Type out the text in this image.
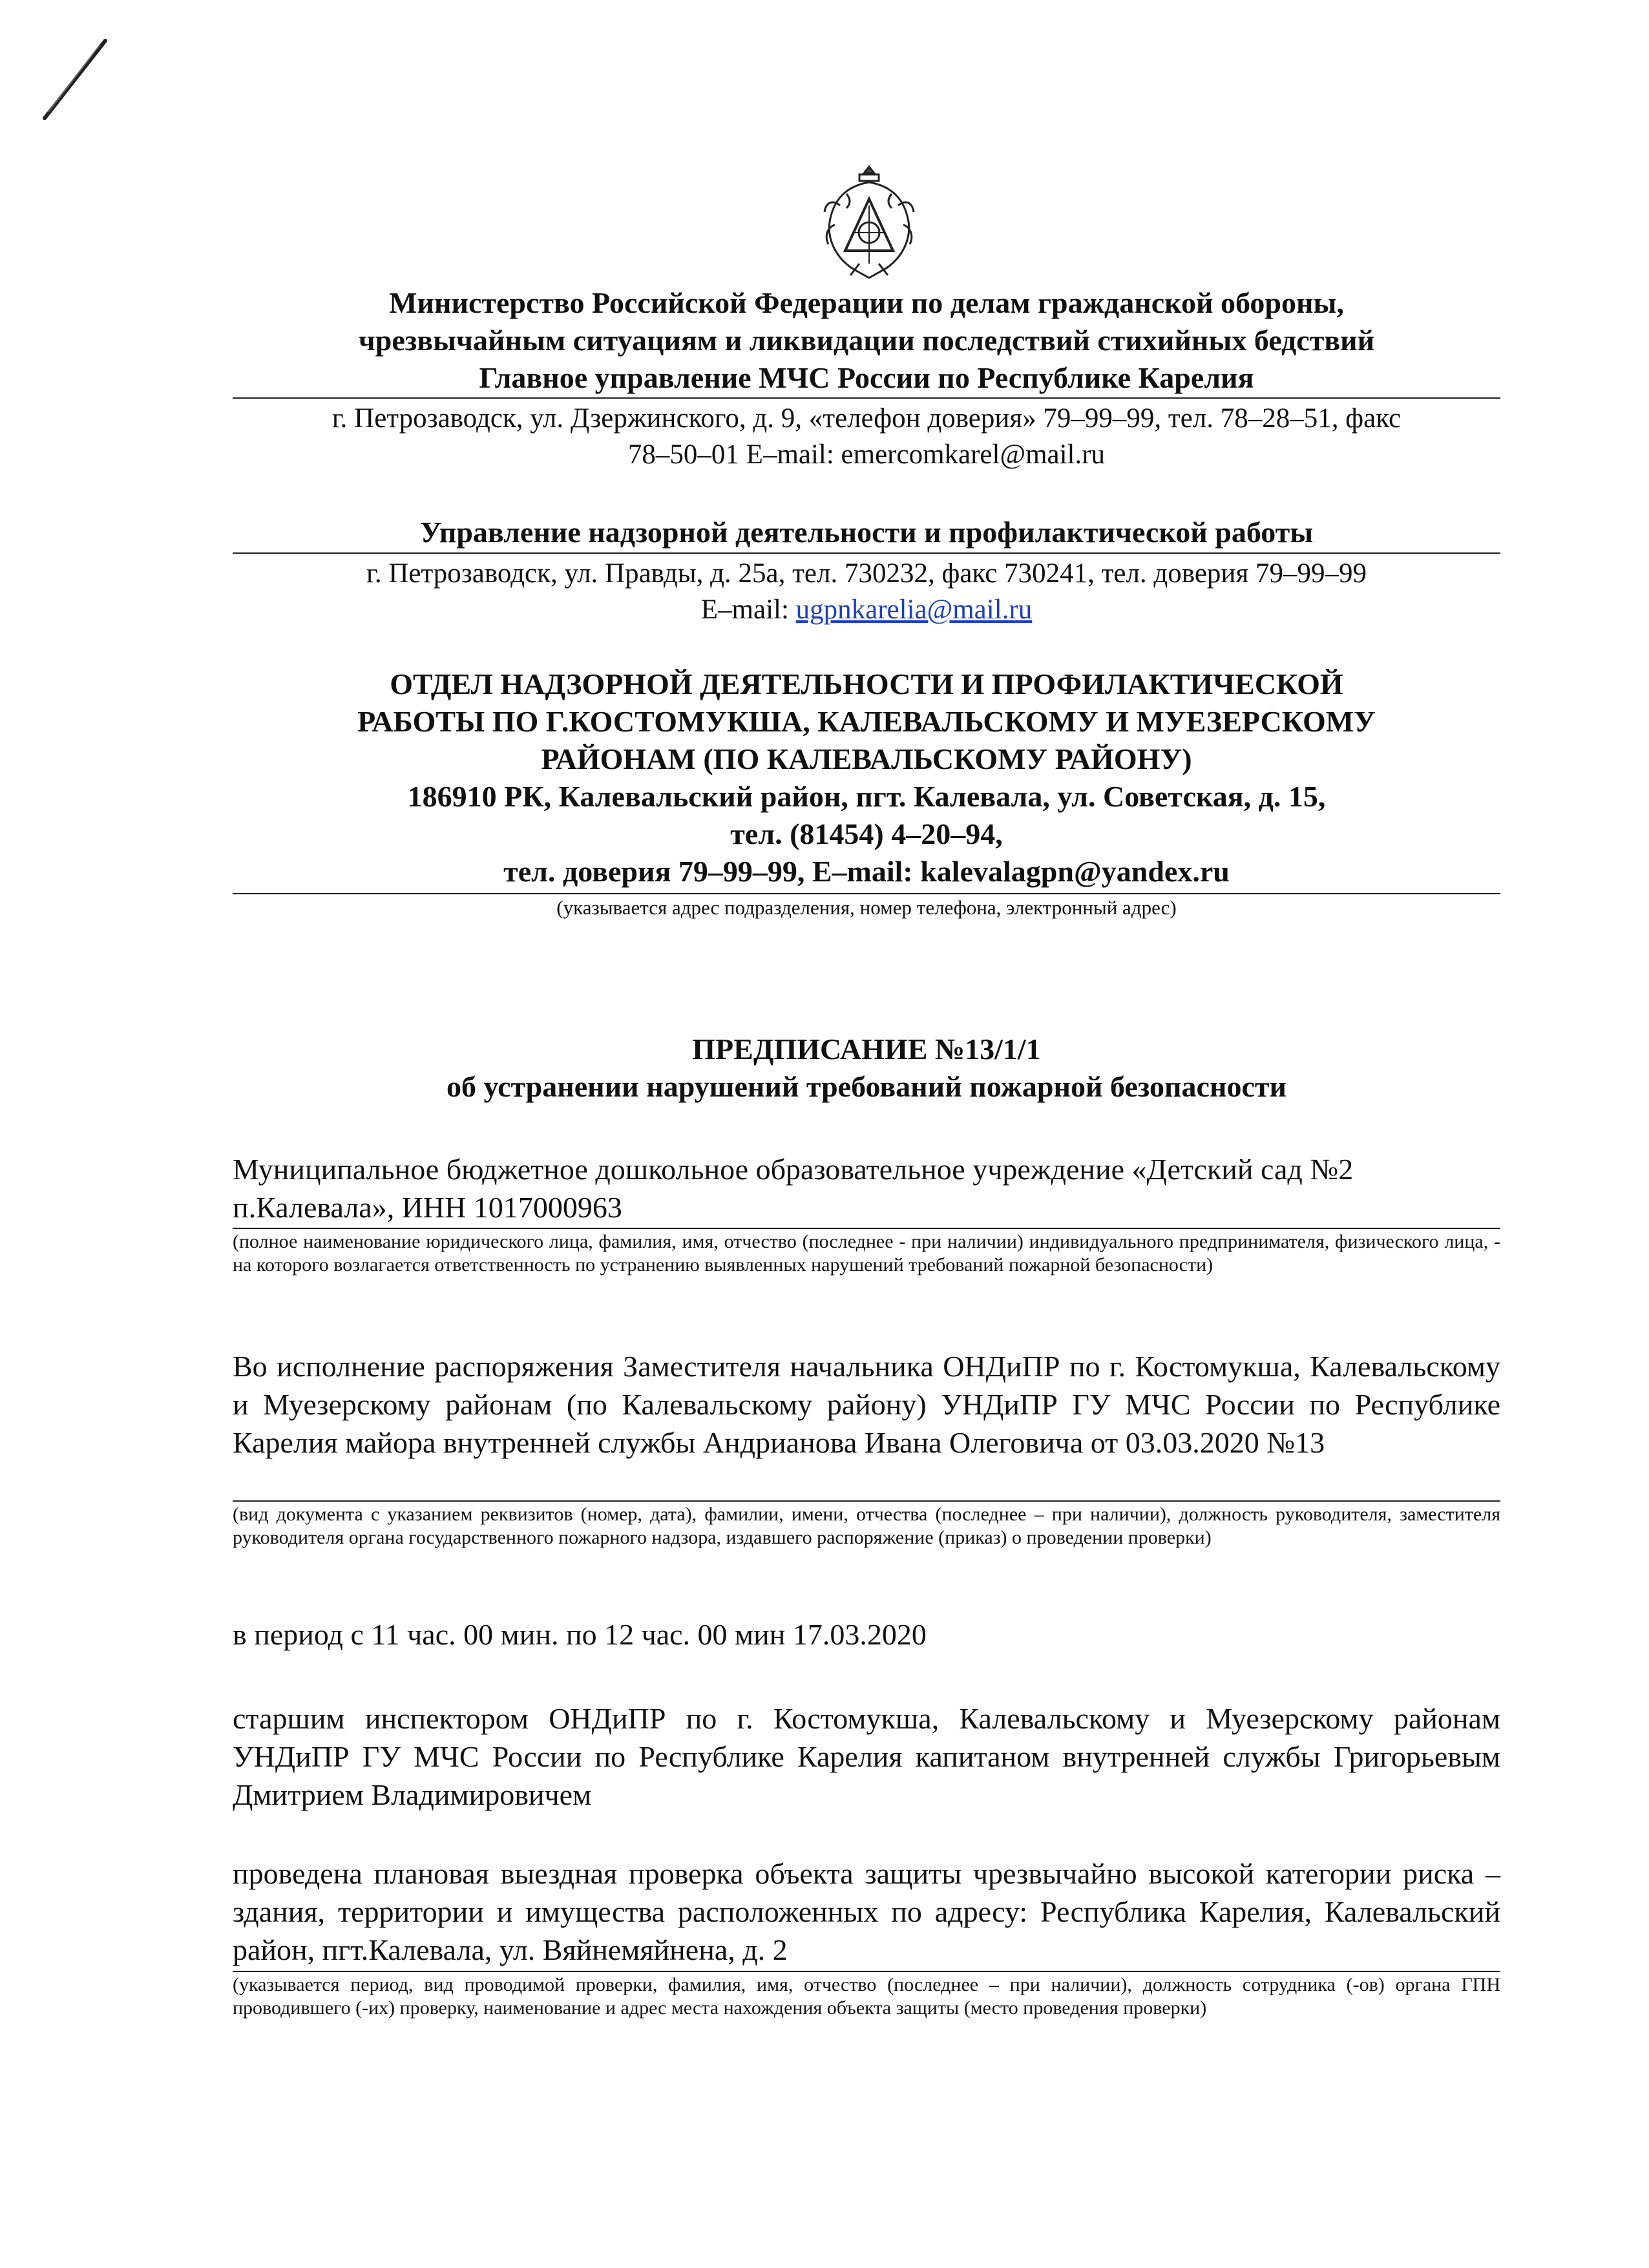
Министерство Российской Федерации по делам гражданской обороны,
чрезвычайным ситуациям и ликвидации последствий стихийных бедствий
Главное управление МЧС России по Республике Карелия
г. Петрозаводск, ул. Дзержинского, д. 9, «телефон доверия» 79–99–99, тел. 78–28–51, факс
78–50–01 E–mail: emercomkarel@mail.ru
Управление надзорной деятельности и профилактической работы
г. Петрозаводск, ул. Правды, д. 25а, тел. 730232, факс 730241, тел. доверия 79–99–99
E–mail: ugpnkarelia@mail.ru
ОТДЕЛ НАДЗОРНОЙ ДЕЯТЕЛЬНОСТИ И ПРОФИЛАКТИЧЕСКОЙ
РАБОТЫ ПО Г.КОСТОМУКША, КАЛЕВАЛЬСКОМУ И МУЕЗЕРСКОМУ
РАЙОНАМ (ПО КАЛЕВАЛЬСКОМУ РАЙОНУ)
186910 РК, Калевальский район, пгт. Калевала, ул. Советская, д. 15,
тел. (81454) 4–20–94,
тел. доверия 79–99–99, E–mail: kalevalagpn@yandex.ru
(указывается адрес подразделения, номер телефона, электронный адрес)
ПРЕДПИСАНИЕ №13/1/1
об устранении нарушений требований пожарной безопасности
Муниципальное бюджетное дошкольное образовательное учреждение «Детский сад №2
п.Калевала», ИНН 1017000963
(полное наименование юридического лица, фамилия, имя, отчество (последнее - при наличии) индивидуального предпринимателя, физического лица, - на которого возлагается ответственность по устранению выявленных нарушений требований пожарной безопасности)
Во исполнение распоряжения Заместителя начальника ОНДиПР по г. Костомукша, Калевальскому и Муезерскому районам (по Калевальскому району) УНДиПР ГУ МЧС России по Республике Карелия майора внутренней службы Андрианова Ивана Олеговича от 03.03.2020 №13
(вид документа с указанием реквизитов (номер, дата), фамилии, имени, отчества (последнее – при наличии), должность руководителя, заместителя руководителя органа государственного пожарного надзора, издавшего распоряжение (приказ) о проведении проверки)
в период с 11 час. 00 мин. по 12 час. 00 мин 17.03.2020
старшим инспектором ОНДиПР по г. Костомукша, Калевальскому и Муезерскому районам УНДиПР ГУ МЧС России по Республике Карелия капитаном внутренней службы Григорьевым Дмитрием Владимировичем
проведена плановая выездная проверка объекта защиты чрезвычайно высокой категории риска – здания, территории и имущества расположенных по адресу: Республика Карелия, Калевальский район, пгт.Калевала, ул. Вяйнемяйнена, д. 2
(указывается период, вид проводимой проверки, фамилия, имя, отчество (последнее – при наличии), должность сотрудника (-ов) органа ГПН проводившего (-их) проверку, наименование и адрес места нахождения объекта защиты (место проведения проверки)
